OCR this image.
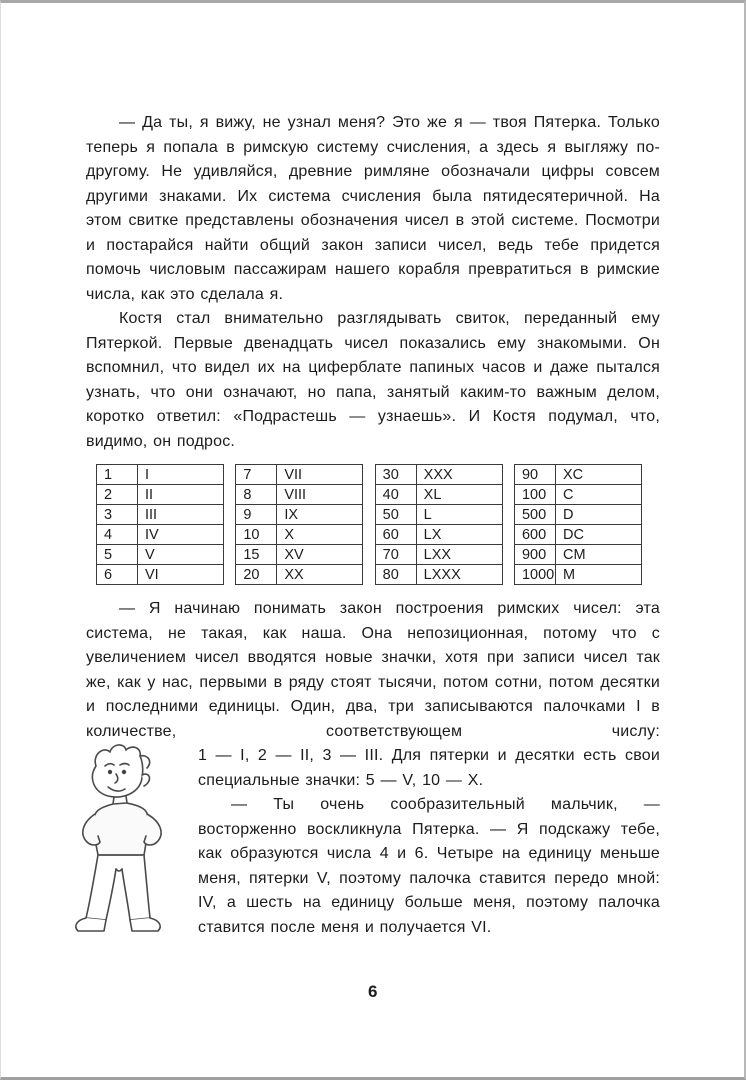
— Да ты, я вижу, не узнал меня? Это же я — твоя Пятерка. Только теперь я попала в римскую систему счисления, а здесь я выгляжу по-другому. Не удивляйся, древние римляне обозначали цифры совсем другими знаками. Их система счисления была пятидесятеричной. На этом свитке представлены обозначения чисел в этой системе. Посмотри и постарайся найти общий закон записи чисел, ведь тебе придется помочь числовым пассажирам нашего корабля превратиться в римские числа, как это сделала я.

Костя стал внимательно разглядывать свиток, переданный ему Пятеркой. Первые двенадцать чисел показались ему знакомыми. Он вспомнил, что видел их на циферблате папиных часов и даже пытался узнать, что они означают, но папа, занятый каким-то важным делом, коротко ответил: «Подрастешь — узнаешь». И Костя подумал, что, видимо, он подрос.

1	I
2	II
3	III
4	IV
5	V
6	VI
7	VII
8	VIII
9	IX
10	X
15	XV
20	XX
30	XXX
40	XL
50	L
60	LX
70	LXX
80	LXXX
90	XC
100	C
500	D
600	DC
900	CM
1000	M

— Я начинаю понимать закон построения римских чисел: эта система, не такая, как наша. Она непозиционная, потому что с увеличением чисел вводятся новые значки, хотя при записи чисел так же, как у нас, первыми в ряду стоят тысячи, потом сотни, потом десятки и последними единицы. Один, два, три записываются палочками I в количестве, соответствующем числу:

1 — I, 2 — II, 3 — III. Для пятерки и десятки есть свои специальные значки: 5 — V, 10 — X.

— Ты очень сообразительный мальчик, — восторженно воскликнула Пятерка. — Я подскажу тебе, как образуются числа 4 и 6. Четыре на единицу меньше меня, пятерки V, поэтому палочка ставится передо мной: IV, а шесть на единицу больше меня, поэтому палочка ставится после меня и получается VI.

6
